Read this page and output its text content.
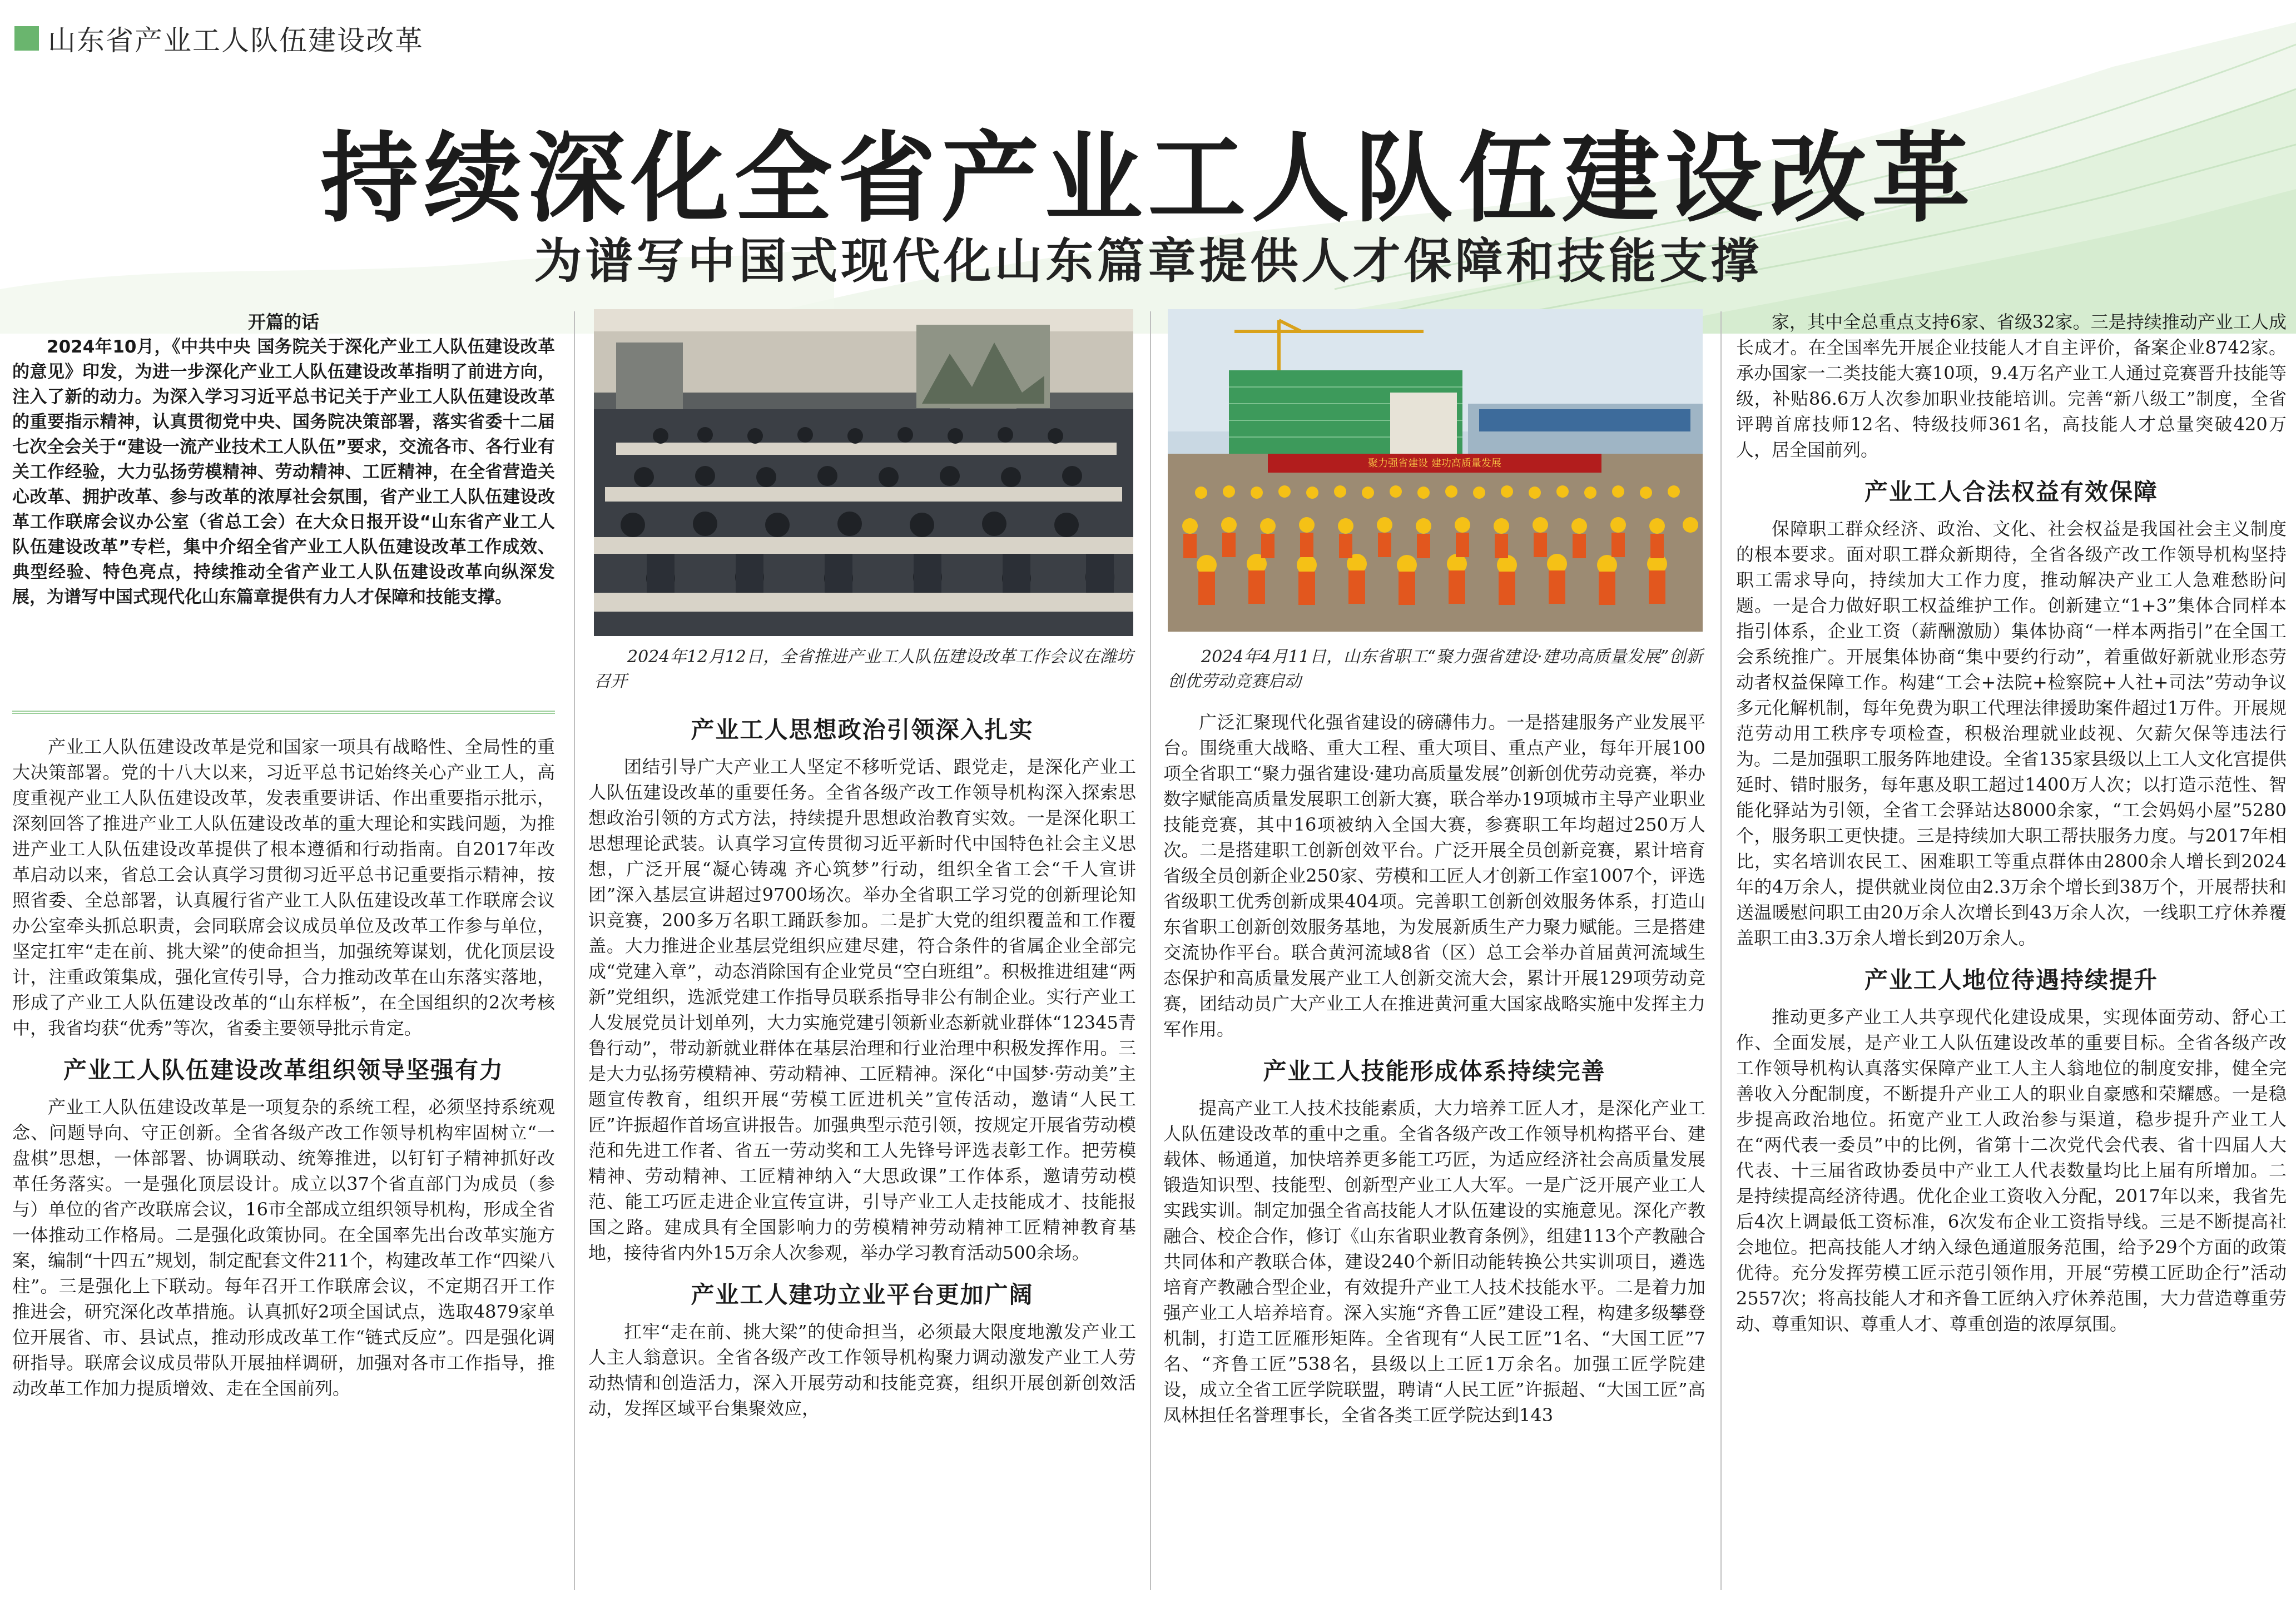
山东省产业工人队伍建设改革
持续深化全省产业工人队伍建设改革
为谱写中国式现代化山东篇章提供人才保障和技能支撑
开篇的话
2024年10月，《中共中央 国务院关于深化产业工人队伍建设改革的意见》印发，为进一步深化产业工人队伍建设改革指明了前进方向，注入了新的动力。为深入学习习近平总书记关于产业工人队伍建设改革的重要指示精神，认真贯彻党中央、国务院决策部署，落实省委十二届七次全会关于“建设一流产业技术工人队伍”要求，交流各市、各行业有关工作经验，大力弘扬劳模精神、劳动精神、工匠精神，在全省营造关心改革、拥护改革、参与改革的浓厚社会氛围，省产业工人队伍建设改革工作联席会议办公室（省总工会）在大众日报开设“山东省产业工人队伍建设改革”专栏，集中介绍全省产业工人队伍建设改革工作成效、典型经验、特色亮点，持续推动全省产业工人队伍建设改革向纵深发展，为谱写中国式现代化山东篇章提供有力人才保障和技能支撑。

产业工人队伍建设改革是党和国家一项具有战略性、全局性的重大决策部署。党的十八大以来，习近平总书记始终关心产业工人，高度重视产业工人队伍建设改革，发表重要讲话、作出重要指示批示，深刻回答了推进产业工人队伍建设改革的重大理论和实践问题，为推进产业工人队伍建设改革提供了根本遵循和行动指南。自2017年改革启动以来，省总工会认真学习贯彻习近平总书记重要指示精神，按照省委、全总部署，认真履行省产业工人队伍建设改革工作联席会议办公室牵头抓总职责，会同联席会议成员单位及改革工作参与单位，坚定扛牢“走在前、挑大梁”的使命担当，加强统筹谋划，优化顶层设计，注重政策集成，强化宣传引导，合力推动改革在山东落实落地，形成了产业工人队伍建设改革的“山东样板”，在全国组织的2次考核中，我省均获“优秀”等次，省委主要领导批示肯定。

产业工人队伍建设改革组织领导坚强有力

产业工人队伍建设改革是一项复杂的系统工程，必须坚持系统观念、问题导向、守正创新。全省各级产改工作领导机构牢固树立“一盘棋”思想，一体部署、协调联动、统筹推进，以钉钉子精神抓好改革任务落实。一是强化顶层设计。成立以37个省直部门为成员（参与）单位的省产改联席会议，16市全部成立组织领导机构，形成全省一体推动工作格局。二是强化政策协同。在全国率先出台改革实施方案，编制“十四五”规划，制定配套文件211个，构建改革工作“四梁八柱”。三是强化上下联动。每年召开工作联席会议，不定期召开工作推进会，研究深化改革措施。认真抓好2项全国试点，选取4879家单位开展省、市、县试点，推动形成改革工作“链式反应”。四是强化调研指导。联席会议成员带队开展抽样调研，加强对各市工作指导，推动改革工作加力提质增效、走在全国前列。

2024年12月12日，全省推进产业工人队伍建设改革工作会议在潍坊召开
聚力强省建设 建功高质量发展
2024年4月11日，山东省职工“聚力强省建设·建功高质量发展”创新创优劳动竞赛启动
产业工人思想政治引领深入扎实

团结引导广大产业工人坚定不移听党话、跟党走，是深化产业工人队伍建设改革的重要任务。全省各级产改工作领导机构深入探索思想政治引领的方式方法，持续提升思想政治教育实效。一是深化职工思想理论武装。认真学习宣传贯彻习近平新时代中国特色社会主义思想，广泛开展“凝心铸魂 齐心筑梦”行动，组织全省工会“千人宣讲团”深入基层宣讲超过9700场次。举办全省职工学习党的创新理论知识竞赛，200多万名职工踊跃参加。二是扩大党的组织覆盖和工作覆盖。大力推进企业基层党组织应建尽建，符合条件的省属企业全部完成“党建入章”，动态消除国有企业党员“空白班组”。积极推进组建“两新”党组织，选派党建工作指导员联系指导非公有制企业。实行产业工人发展党员计划单列，大力实施党建引领新业态新就业群体“12345青鲁行动”，带动新就业群体在基层治理和行业治理中积极发挥作用。三是大力弘扬劳模精神、劳动精神、工匠精神。深化“中国梦·劳动美”主题宣传教育，组织开展“劳模工匠进机关”宣传活动，邀请“人民工匠”许振超作首场宣讲报告。加强典型示范引领，按规定开展省劳动模范和先进工作者、省五一劳动奖和工人先锋号评选表彰工作。把劳模精神、劳动精神、工匠精神纳入“大思政课”工作体系，邀请劳动模范、能工巧匠走进企业宣传宣讲，引导产业工人走技能成才、技能报国之路。建成具有全国影响力的劳模精神劳动精神工匠精神教育基地，接待省内外15万余人次参观，举办学习教育活动500余场。

产业工人建功立业平台更加广阔

扛牢“走在前、挑大梁”的使命担当，必须最大限度地激发产业工人主人翁意识。全省各级产改工作领导机构聚力调动激发产业工人劳动热情和创造活力，深入开展劳动和技能竞赛，组织开展创新创效活动，发挥区域平台集聚效应，

广泛汇聚现代化强省建设的磅礴伟力。一是搭建服务产业发展平台。围绕重大战略、重大工程、重大项目、重点产业，每年开展100项全省职工“聚力强省建设·建功高质量发展”创新创优劳动竞赛，举办数字赋能高质量发展职工创新大赛，联合举办19项城市主导产业职业技能竞赛，其中16项被纳入全国大赛，参赛职工年均超过250万人次。二是搭建职工创新创效平台。广泛开展全员创新竞赛，累计培育省级全员创新企业250家、劳模和工匠人才创新工作室1007个，评选省级职工优秀创新成果404项。完善职工创新创效服务体系，打造山东省职工创新创效服务基地，为发展新质生产力聚力赋能。三是搭建交流协作平台。联合黄河流域8省（区）总工会举办首届黄河流域生态保护和高质量发展产业工人创新交流大会，累计开展129项劳动竞赛，团结动员广大产业工人在推进黄河重大国家战略实施中发挥主力军作用。

产业工人技能形成体系持续完善

提高产业工人技术技能素质，大力培养工匠人才，是深化产业工人队伍建设改革的重中之重。全省各级产改工作领导机构搭平台、建载体、畅通道，加快培养更多能工巧匠，为适应经济社会高质量发展锻造知识型、技能型、创新型产业工人大军。一是广泛开展产业工人实践实训。制定加强全省高技能人才队伍建设的实施意见。深化产教融合、校企合作，修订《山东省职业教育条例》，组建113个产教融合共同体和产教联合体，建设240个新旧动能转换公共实训项目，遴选培育产教融合型企业，有效提升产业工人技术技能水平。二是着力加强产业工人培养培育。深入实施“齐鲁工匠”建设工程，构建多级攀登机制，打造工匠雁形矩阵。全省现有“人民工匠”1名、“大国工匠”7名、“齐鲁工匠”538名，县级以上工匠1万余名。加强工匠学院建设，成立全省工匠学院联盟，聘请“人民工匠”许振超、“大国工匠”高凤林担任名誉理事长，全省各类工匠学院达到143

家，其中全总重点支持6家、省级32家。三是持续推动产业工人成长成才。在全国率先开展企业技能人才自主评价，备案企业8742家。承办国家一二类技能大赛10项，9.4万名产业工人通过竞赛晋升技能等级，补贴86.6万人次参加职业技能培训。完善“新八级工”制度，全省评聘首席技师12名、特级技师361名，高技能人才总量突破420万人，居全国前列。

产业工人合法权益有效保障

保障职工群众经济、政治、文化、社会权益是我国社会主义制度的根本要求。面对职工群众新期待，全省各级产改工作领导机构坚持职工需求导向，持续加大工作力度，推动解决产业工人急难愁盼问题。一是合力做好职工权益维护工作。创新建立“1+3”集体合同样本指引体系，企业工资（薪酬激励）集体协商“一样本两指引”在全国工会系统推广。开展集体协商“集中要约行动”，着重做好新就业形态劳动者权益保障工作。构建“工会+法院+检察院+人社+司法”劳动争议多元化解机制，每年免费为职工代理法律援助案件超过1万件。开展规范劳动用工秩序专项检查，积极治理就业歧视、欠薪欠保等违法行为。二是加强职工服务阵地建设。全省135家县级以上工人文化宫提供延时、错时服务，每年惠及职工超过1400万人次；以打造示范性、智能化驿站为引领，全省工会驿站达8000余家，“工会妈妈小屋”5280个，服务职工更快捷。三是持续加大职工帮扶服务力度。与2017年相比，实名培训农民工、困难职工等重点群体由2800余人增长到2024年的4万余人，提供就业岗位由2.3万余个增长到38万个，开展帮扶和送温暖慰问职工由20万余人次增长到43万余人次，一线职工疗休养覆盖职工由3.3万余人增长到20万余人。

产业工人地位待遇持续提升

推动更多产业工人共享现代化建设成果，实现体面劳动、舒心工作、全面发展，是产业工人队伍建设改革的重要目标。全省各级产改工作领导机构认真落实保障产业工人主人翁地位的制度安排，健全完善收入分配制度，不断提升产业工人的职业自豪感和荣耀感。一是稳步提高政治地位。拓宽产业工人政治参与渠道，稳步提升产业工人在“两代表一委员”中的比例，省第十二次党代会代表、省十四届人大代表、十三届省政协委员中产业工人代表数量均比上届有所增加。二是持续提高经济待遇。优化企业工资收入分配，2017年以来，我省先后4次上调最低工资标准，6次发布企业工资指导线。三是不断提高社会地位。把高技能人才纳入绿色通道服务范围，给予29个方面的政策优待。充分发挥劳模工匠示范引领作用，开展“劳模工匠助企行”活动2557次；将高技能人才和齐鲁工匠纳入疗休养范围，大力营造尊重劳动、尊重知识、尊重人才、尊重创造的浓厚氛围。
